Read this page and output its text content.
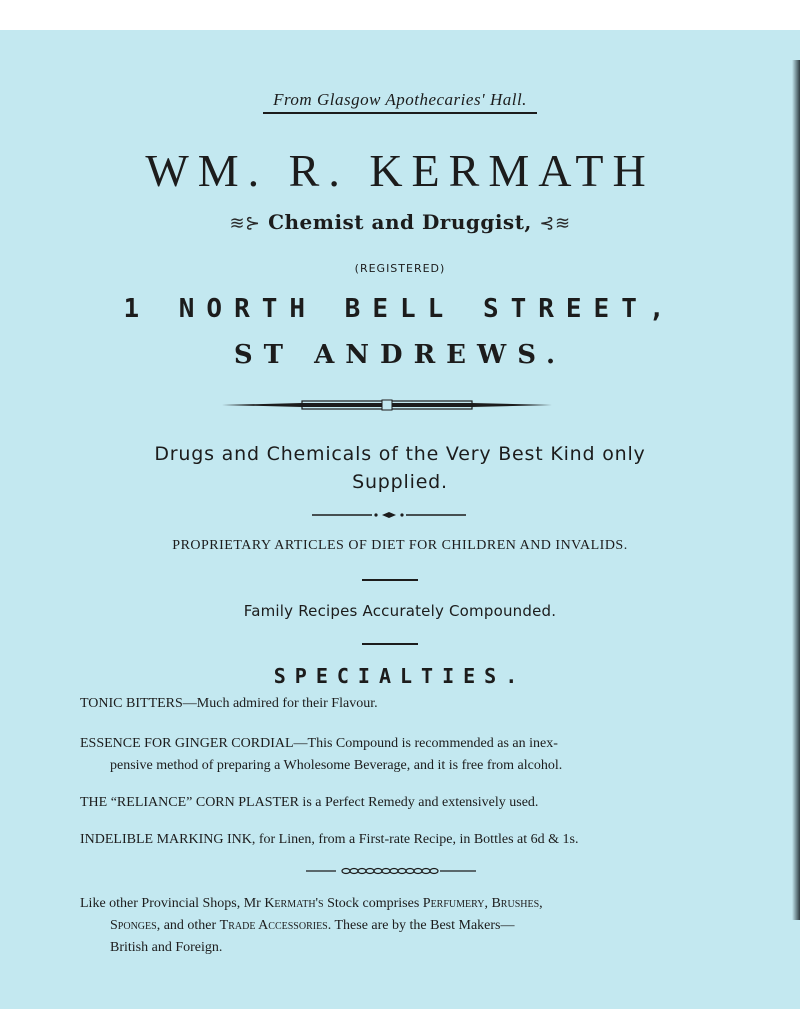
From Glasgow Apothecaries' Hall.
WM. R. KERMATH
≋⊱ Chemist and Druggist, ⊰≋
(REGISTERED)
1 NORTH BELL STREET,
ST ANDREWS.
Drugs and Chemicals of the Very Best Kind only
Supplied.
PROPRIETARY ARTICLES OF DIET FOR CHILDREN AND INVALIDS.
Family Recipes Accurately Compounded.
SPECIALTIES.
TONIC BITTERS—Much admired for their Flavour.
ESSENCE FOR GINGER CORDIAL—This Compound is recommended as an inex-
pensive method of preparing a Wholesome Beverage, and it is free from alcohol.
THE “RELIANCE” CORN PLASTER is a Perfect Remedy and extensively used.
INDELIBLE MARKING INK, for Linen, from a First-rate Recipe, in Bottles at 6d & 1s.
Like other Provincial Shops, Mr Kermath's Stock comprises Perfumery, Brushes,
Sponges, and other Trade Accessories. These are by the Best Makers—
British and Foreign.
